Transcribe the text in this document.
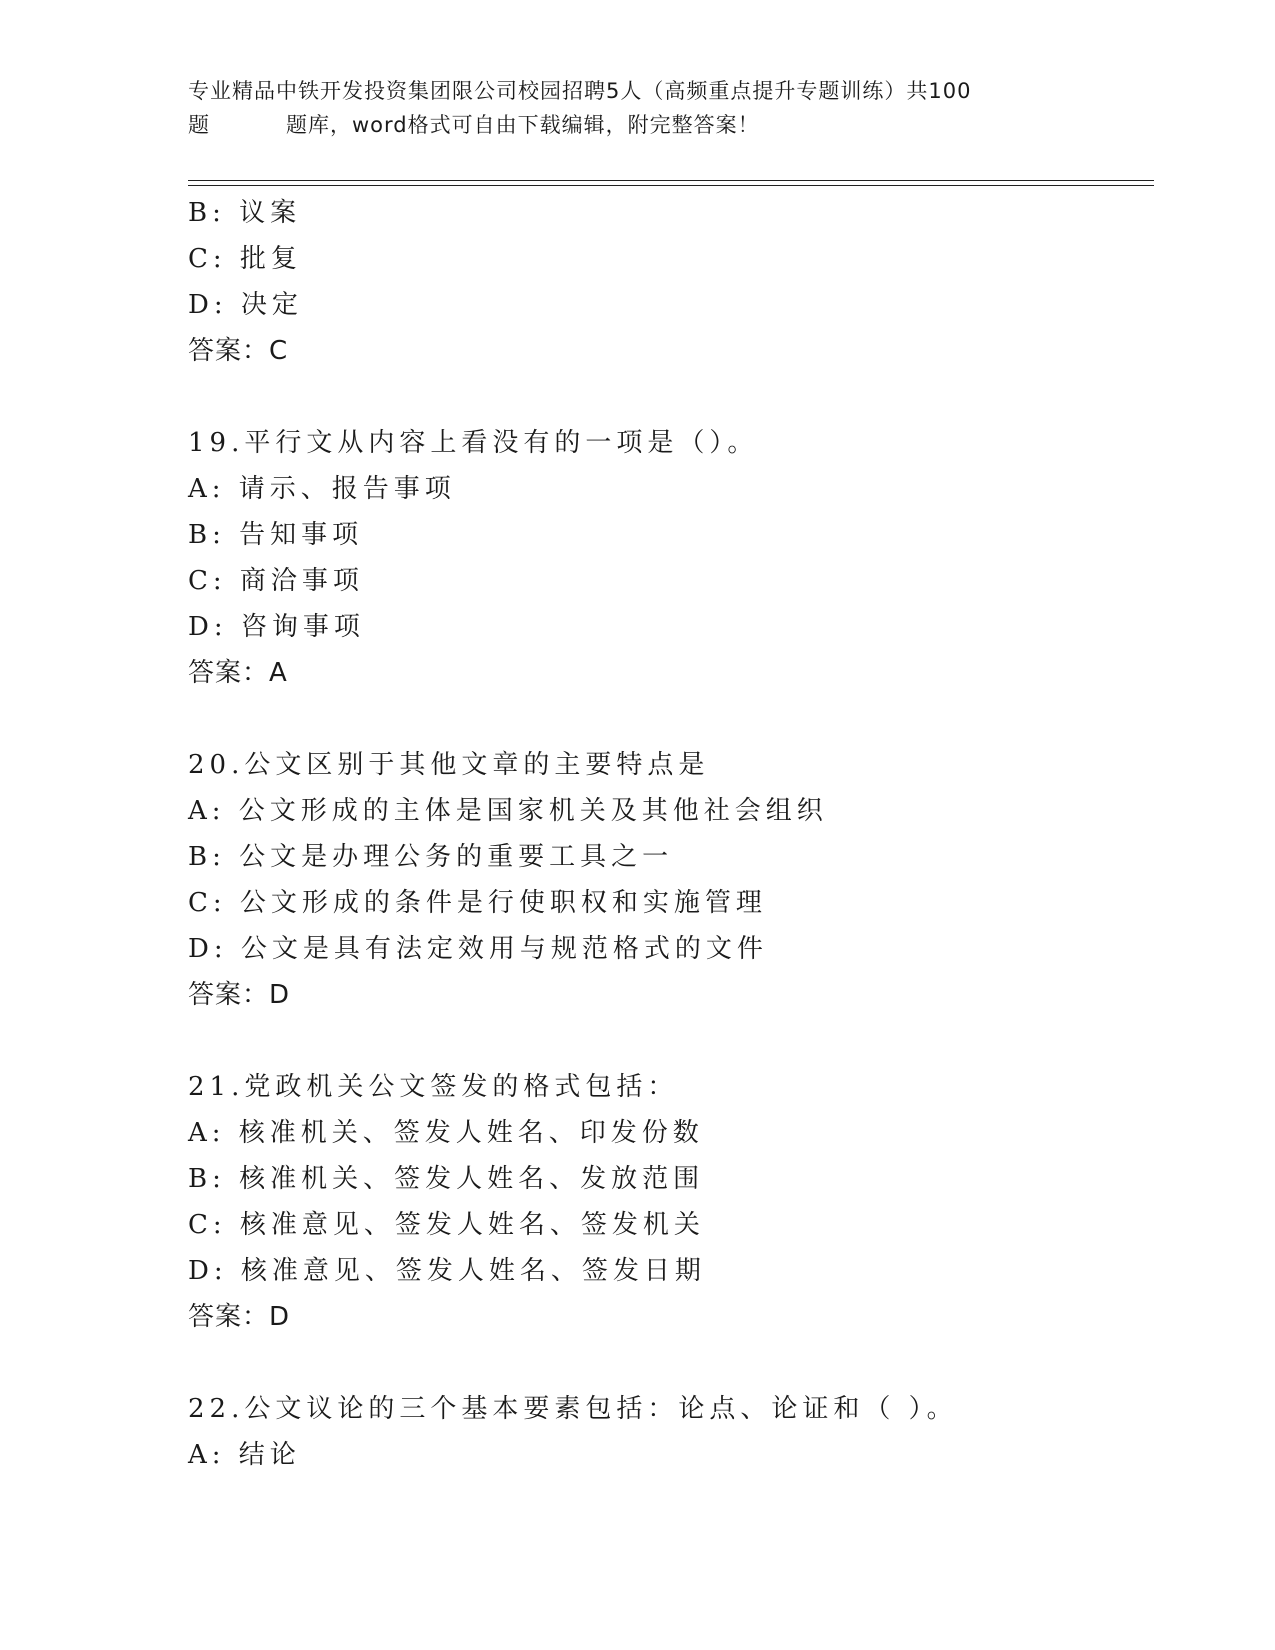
专业精品中铁开发投资集团限公司校园招聘5人（高频重点提升专题训练）共100
题	题库，word格式可自由下载编辑，附完整答案！
B: 议案
C: 批复
D: 决定
答案：C
19.平行文从内容上看没有的一项是（）。
A: 请示、报告事项
B: 告知事项
C: 商洽事项
D: 咨询事项
答案：A
20.公文区别于其他文章的主要特点是
A: 公文形成的主体是国家机关及其他社会组织
B: 公文是办理公务的重要工具之一
C: 公文形成的条件是行使职权和实施管理
D: 公文是具有法定效用与规范格式的文件
答案：D
21.党政机关公文签发的格式包括：
A: 核准机关、签发人姓名、印发份数
B: 核准机关、签发人姓名、发放范围
C: 核准意见、签发人姓名、签发机关
D: 核准意见、签发人姓名、签发日期
答案：D
22.公文议论的三个基本要素包括：论点、论证和（ ）。
A: 结论
